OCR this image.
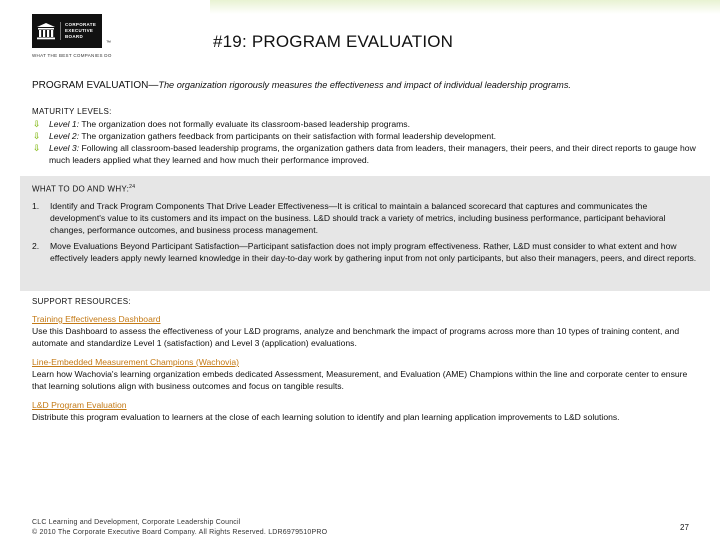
CORPORATE
EXECUTIVE
BOARD
™
WHAT THE BEST COMPANIES DO
#19: PROGRAM EVALUATION
PROGRAM EVALUATION—The organization rigorously measures the effectiveness and impact of individual leadership programs.
MATURITY LEVELS:
⇩ Level 1: The organization does not formally evaluate its classroom-based leadership programs.
⇩ Level 2: The organization gathers feedback from participants on their satisfaction with formal leadership development.
⇩ Level 3: Following all classroom-based leadership programs, the organization gathers data from leaders, their managers, their peers, and their direct reports to gauge how much leaders applied what they learned and how much their performance improved.
WHAT TO DO AND WHY:$^{24}$
1. Identify and Track Program Components That Drive Leader Effectiveness—It is critical to maintain a balanced scorecard that captures and communicates the development's value to its customers and its impact on the business. L&D should track a variety of metrics, including business performance, participant behavioral changes, performance outcomes, and business process management.
2. Move Evaluations Beyond Participant Satisfaction—Participant satisfaction does not imply program effectiveness. Rather, L&D must consider to what extent and how effectively leaders apply newly learned knowledge in their day-to-day work by gathering input from not only participants, but also their managers, peers, and direct reports.
SUPPORT RESOURCES:
Training Effectiveness Dashboard
Use this Dashboard to assess the effectiveness of your L&D programs, analyze and benchmark the impact of programs across more than 10 types of training content, and automate and standardize Level 1 (satisfaction) and Level 3 (application) evaluations.
Line-Embedded Measurement Champions (Wachovia)
Learn how Wachovia's learning organization embeds dedicated Assessment, Measurement, and Evaluation (AME) Champions within the line and corporate center to ensure that learning solutions align with business outcomes and focus on tangible results.
L&D Program Evaluation
Distribute this program evaluation to learners at the close of each learning solution to identify and plan learning application improvements to L&D solutions.
CLC Learning and Development, Corporate Leadership Council
© 2010 The Corporate Executive Board Company. All Rights Reserved. LDR6979510PRO
27
